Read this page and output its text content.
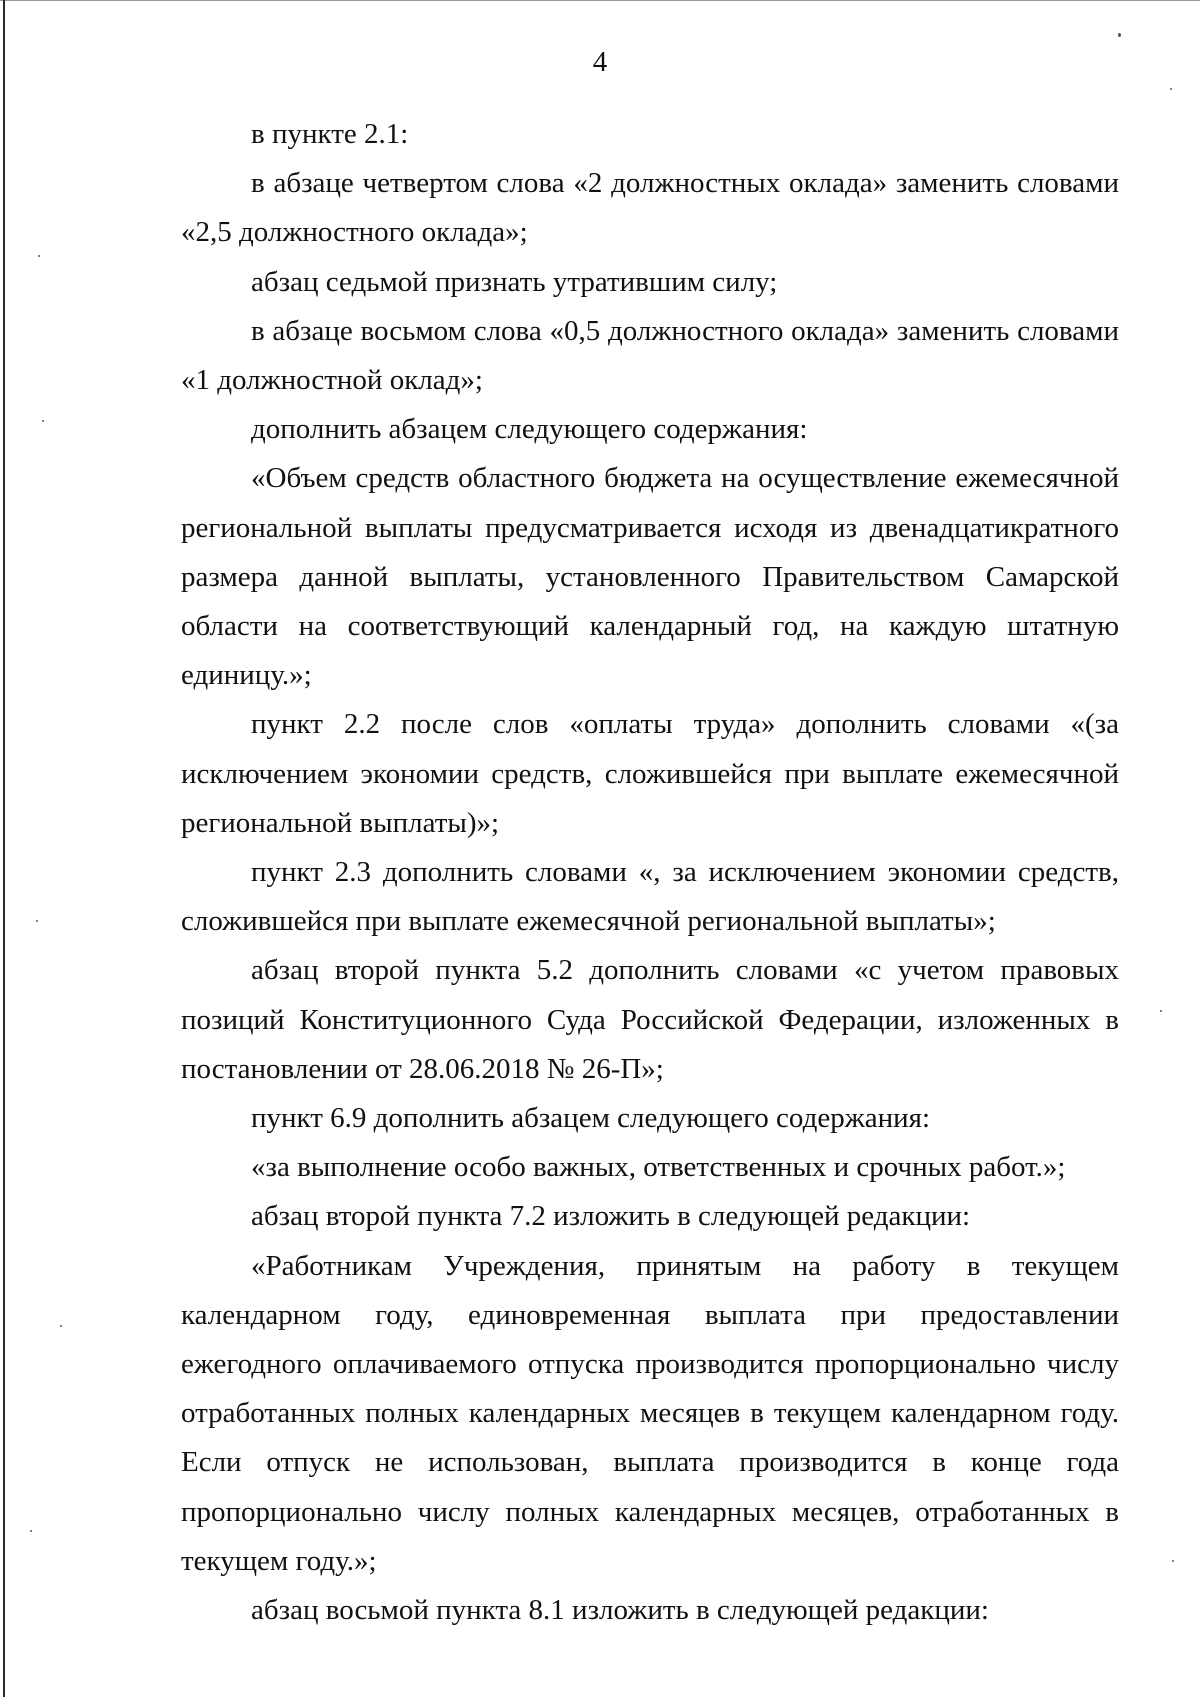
4

в пункте 2.1:

в абзаце четвертом слова «2 должностных оклада» заменить словами «2,5 должностного оклада»;

абзац седьмой признать утратившим силу;

в абзаце восьмом слова «0,5 должностного оклада» заменить словами «1 должностной оклад»;

дополнить абзацем следующего содержания:

«Объем средств областного бюджета на осуществление ежемесячной региональной выплаты предусматривается исходя из двенадцатикратного размера данной выплаты, установленного Правительством Самарской области на соответствующий календарный год, на каждую штатную единицу.»;

пункт 2.2 после слов «оплаты труда» дополнить словами «(за исключением экономии средств, сложившейся при выплате ежемесячной региональной выплаты)»;

пункт 2.3 дополнить словами «, за исключением экономии средств, сложившейся при выплате ежемесячной региональной выплаты»;

абзац второй пункта 5.2 дополнить словами «с учетом правовых позиций Конституционного Суда Российской Федерации, изложенных в постановлении от 28.06.2018 № 26-П»;

пункт 6.9 дополнить абзацем следующего содержания:

«за выполнение особо важных, ответственных и срочных работ.»;

абзац второй пункта 7.2 изложить в следующей редакции:

«Работникам Учреждения, принятым на работу в текущем календарном году, единовременная выплата при предоставлении ежегодного оплачиваемого отпуска производится пропорционально числу отработанных полных календарных месяцев в текущем календарном году. Если отпуск не использован, выплата производится в конце года пропорционально числу полных календарных месяцев, отработанных в текущем году.»;

абзац восьмой пункта 8.1 изложить в следующей редакции:
